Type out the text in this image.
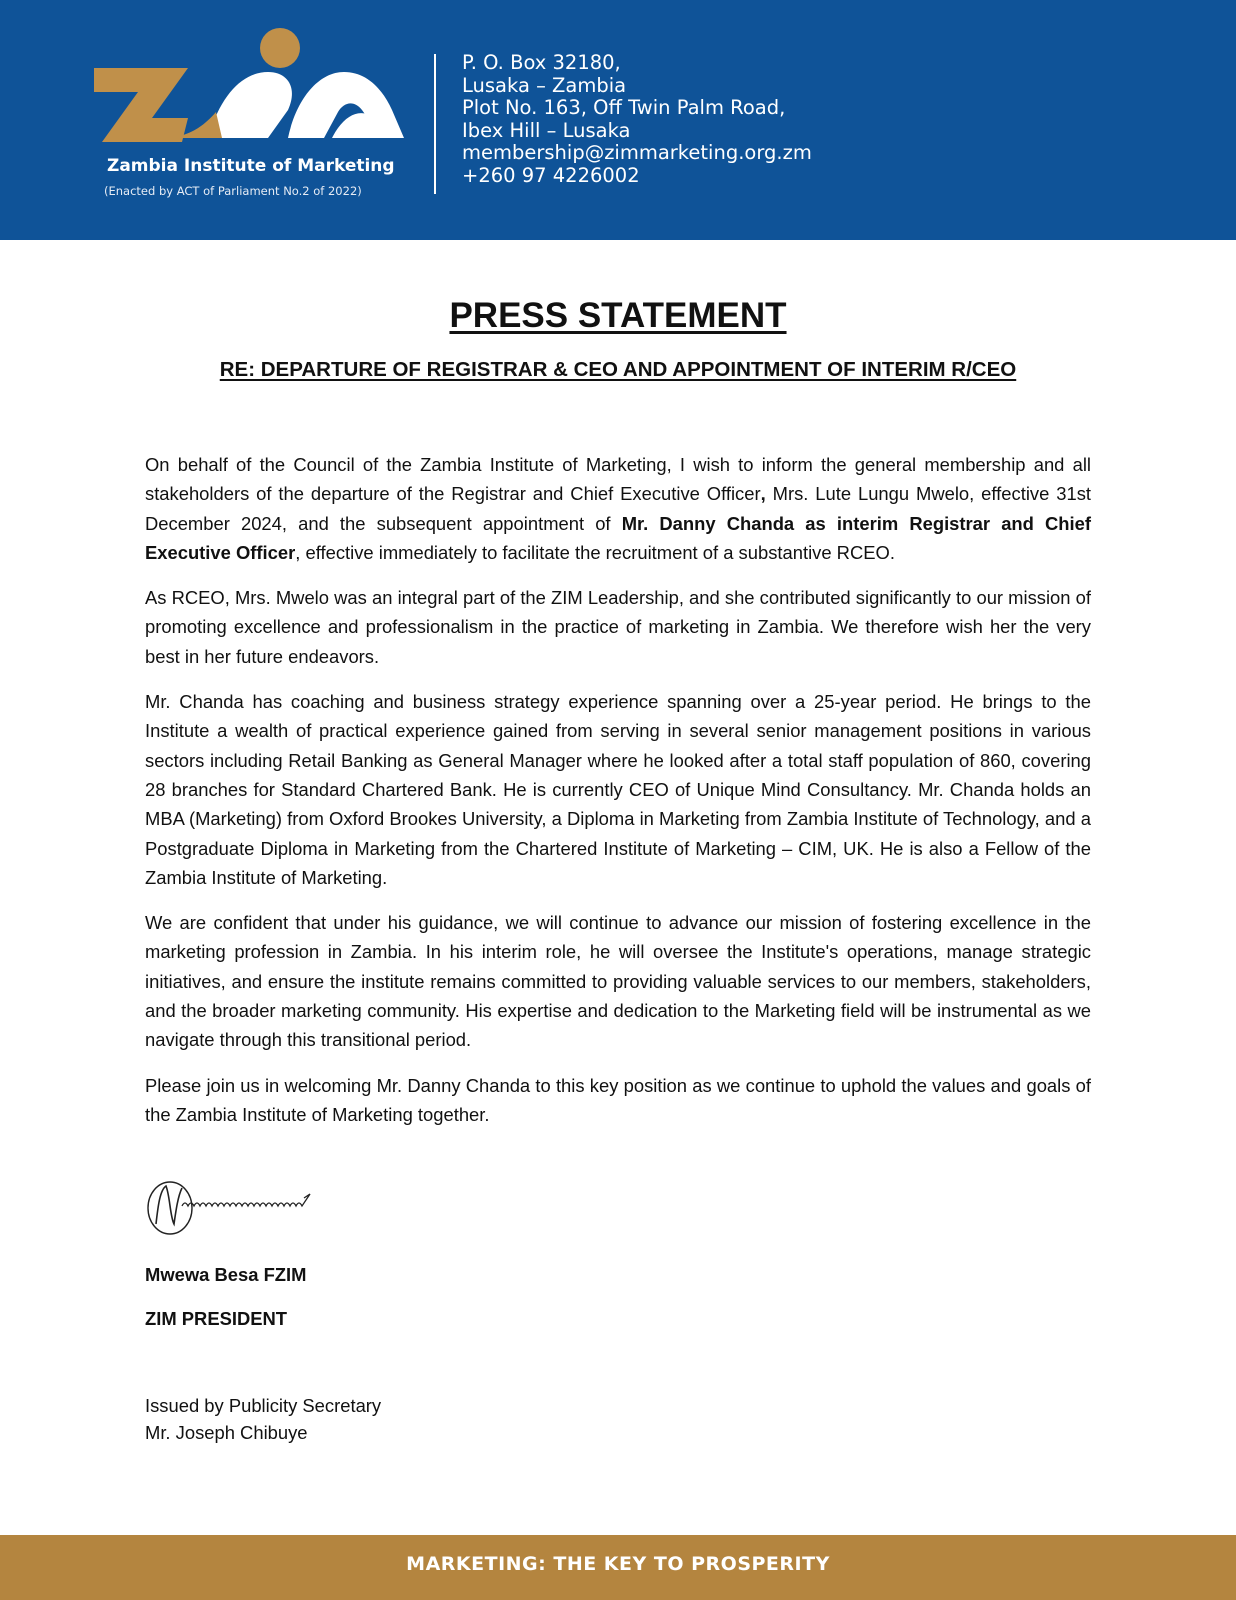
Zambia Institute of Marketing
(Enacted by ACT of Parliament No.2 of 2022)
P. O. Box 32180,
Lusaka – Zambia
Plot No. 163, Off Twin Palm Road,
Ibex Hill – Lusaka
membership@zimmarketing.org.zm
+260 97 4226002
PRESS STATEMENT
RE: DEPARTURE OF REGISTRAR & CEO AND APPOINTMENT OF INTERIM R/CEO

On behalf of the Council of the Zambia Institute of Marketing, I wish to inform the general membership and all stakeholders of the departure of the Registrar and Chief Executive Officer, Mrs. Lute Lungu Mwelo, effective 31st December 2024, and the subsequent appointment of Mr. Danny Chanda as interim Registrar and Chief Executive Officer, effective immediately to facilitate the recruitment of a substantive RCEO.

As RCEO, Mrs. Mwelo was an integral part of the ZIM Leadership, and she contributed significantly to our mission of promoting excellence and professionalism in the practice of marketing in Zambia. We therefore wish her the very best in her future endeavors.

Mr. Chanda has coaching and business strategy experience spanning over a 25-year period. He brings to the Institute a wealth of practical experience gained from serving in several senior management positions in various sectors including Retail Banking as General Manager where he looked after a total staff population of 860, covering 28 branches for Standard Chartered Bank. He is currently CEO of Unique Mind Consultancy. Mr. Chanda holds an MBA (Marketing) from Oxford Brookes University, a Diploma in Marketing from Zambia Institute of Technology, and a Postgraduate Diploma in Marketing from the Chartered Institute of Marketing – CIM, UK. He is also a Fellow of the Zambia Institute of Marketing.

We are confident that under his guidance, we will continue to advance our mission of fostering excellence in the marketing profession in Zambia. In his interim role, he will oversee the Institute's operations, manage strategic initiatives, and ensure the institute remains committed to providing valuable services to our members, stakeholders, and the broader marketing community. His expertise and dedication to the Marketing field will be instrumental as we navigate through this transitional period.

Please join us in welcoming Mr. Danny Chanda to this key position as we continue to uphold the values and goals of the Zambia Institute of Marketing together.

Mwewa Besa FZIM
ZIM PRESIDENT
Issued by Publicity Secretary
Mr. Joseph Chibuye
MARKETING: THE KEY TO PROSPERITY
